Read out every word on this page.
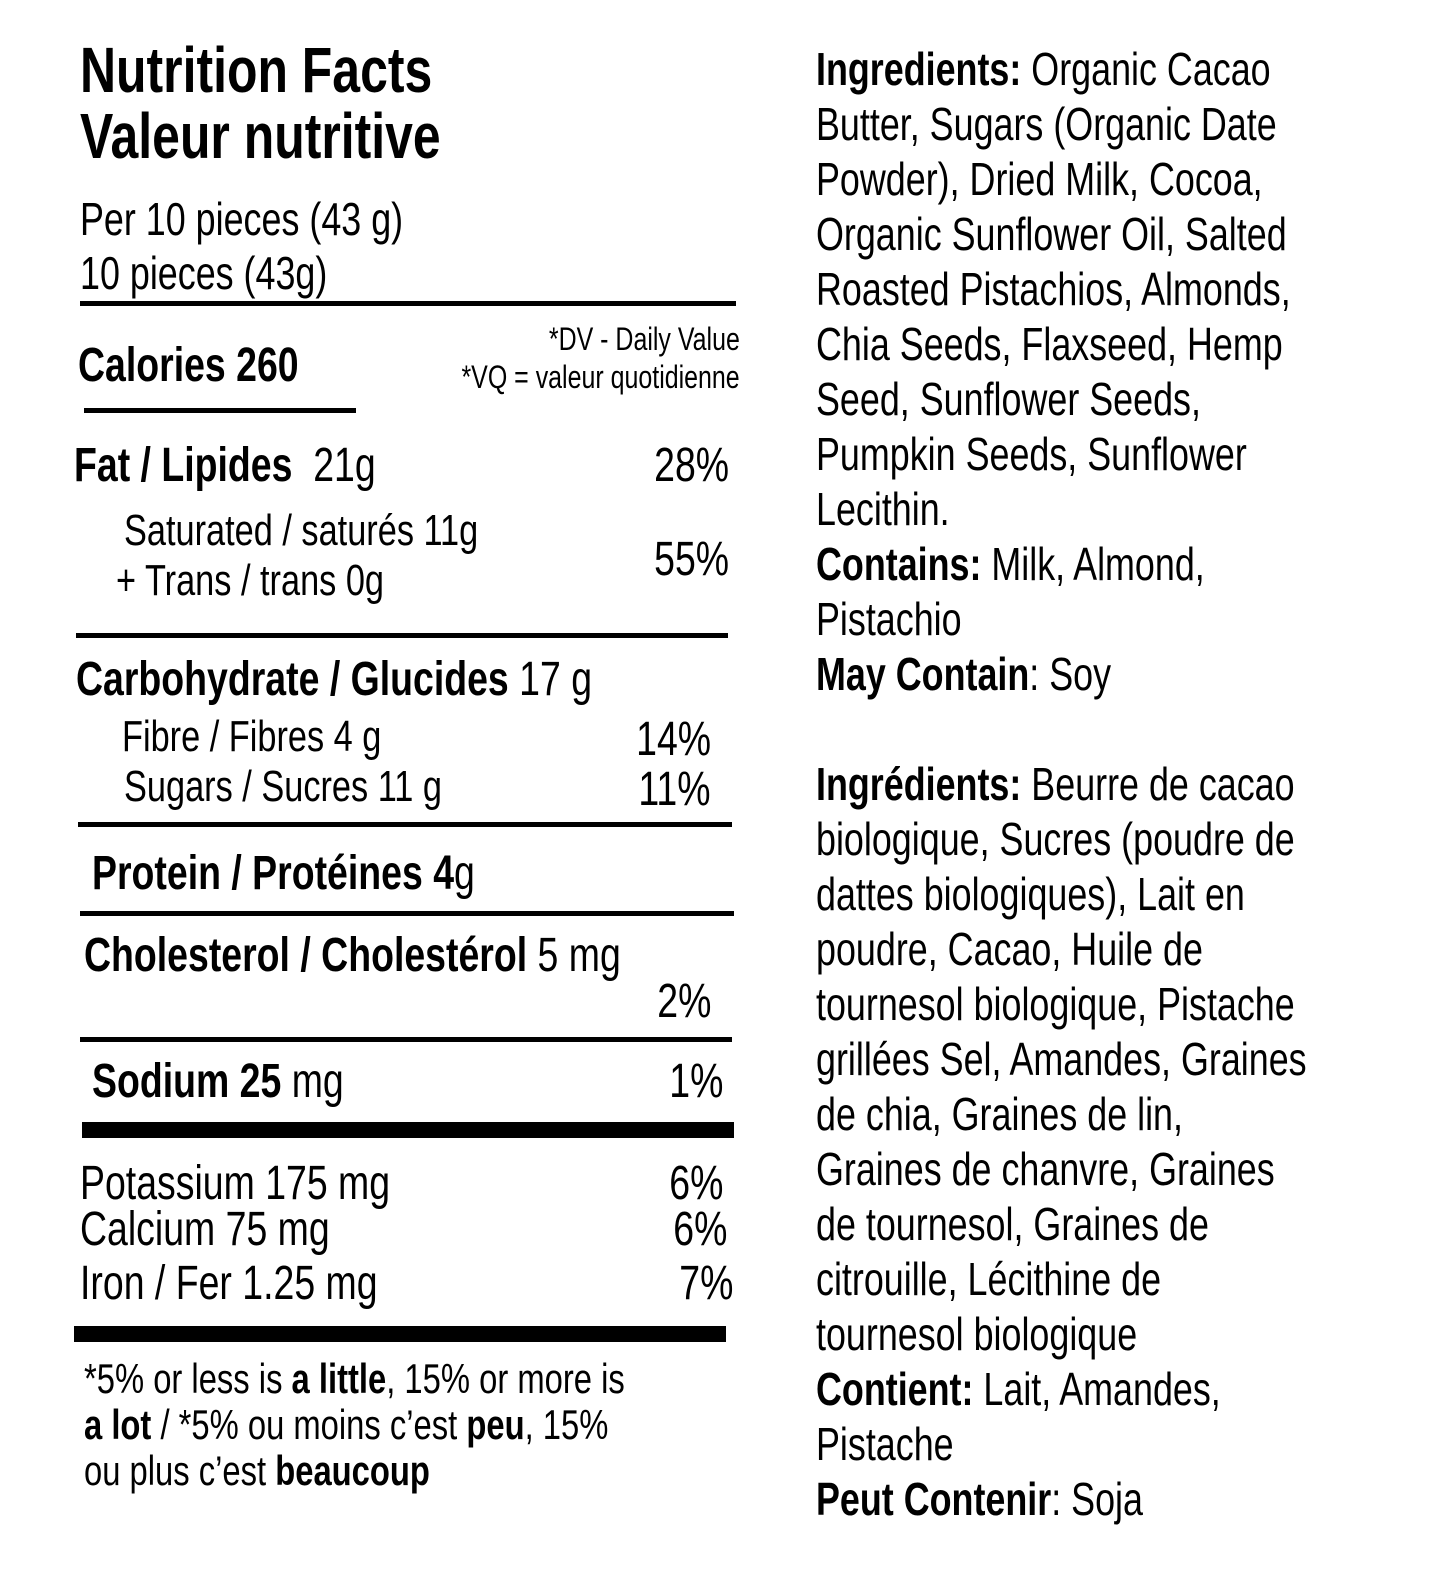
Nutrition Facts
Valeur nutritive
Per 10 pieces (43 g)
10 pieces (43g)
Calories 260	*DV - Daily Value
*VQ = valeur quotidienne
Fat / Lipides 21g	28%
Saturated / saturés 11g
+ Trans / trans 0g	55%
Carbohydrate / Glucides 17 g
Fibre / Fibres 4 g	14%
Sugars / Sucres 11 g	11%
Protein / Protéines 4g
Cholesterol / Cholestérol 5 mg
2%
Sodium 25 mg	1%
Potassium 175 mg	6%
Calcium 75 mg	6%
Iron / Fer 1.25 mg	7%
*5% or less is a little, 15% or more is
a lot / *5% ou moins c’est peu, 15%
ou plus c’est beaucoup
Ingredients: Organic Cacao
Butter, Sugars (Organic Date
Powder), Dried Milk, Cocoa,
Organic Sunflower Oil, Salted
Roasted Pistachios, Almonds,
Chia Seeds, Flaxseed, Hemp
Seed, Sunflower Seeds,
Pumpkin Seeds, Sunflower
Lecithin.
Contains: Milk, Almond,
Pistachio
May Contain: Soy
Ingrédients: Beurre de cacao
biologique, Sucres (poudre de
dattes biologiques), Lait en
poudre, Cacao, Huile de
tournesol biologique, Pistache
grillées Sel, Amandes, Graines
de chia, Graines de lin,
Graines de chanvre, Graines
de tournesol, Graines de
citrouille, Lécithine de
tournesol biologique
Contient: Lait, Amandes,
Pistache
Peut Contenir: Soja
